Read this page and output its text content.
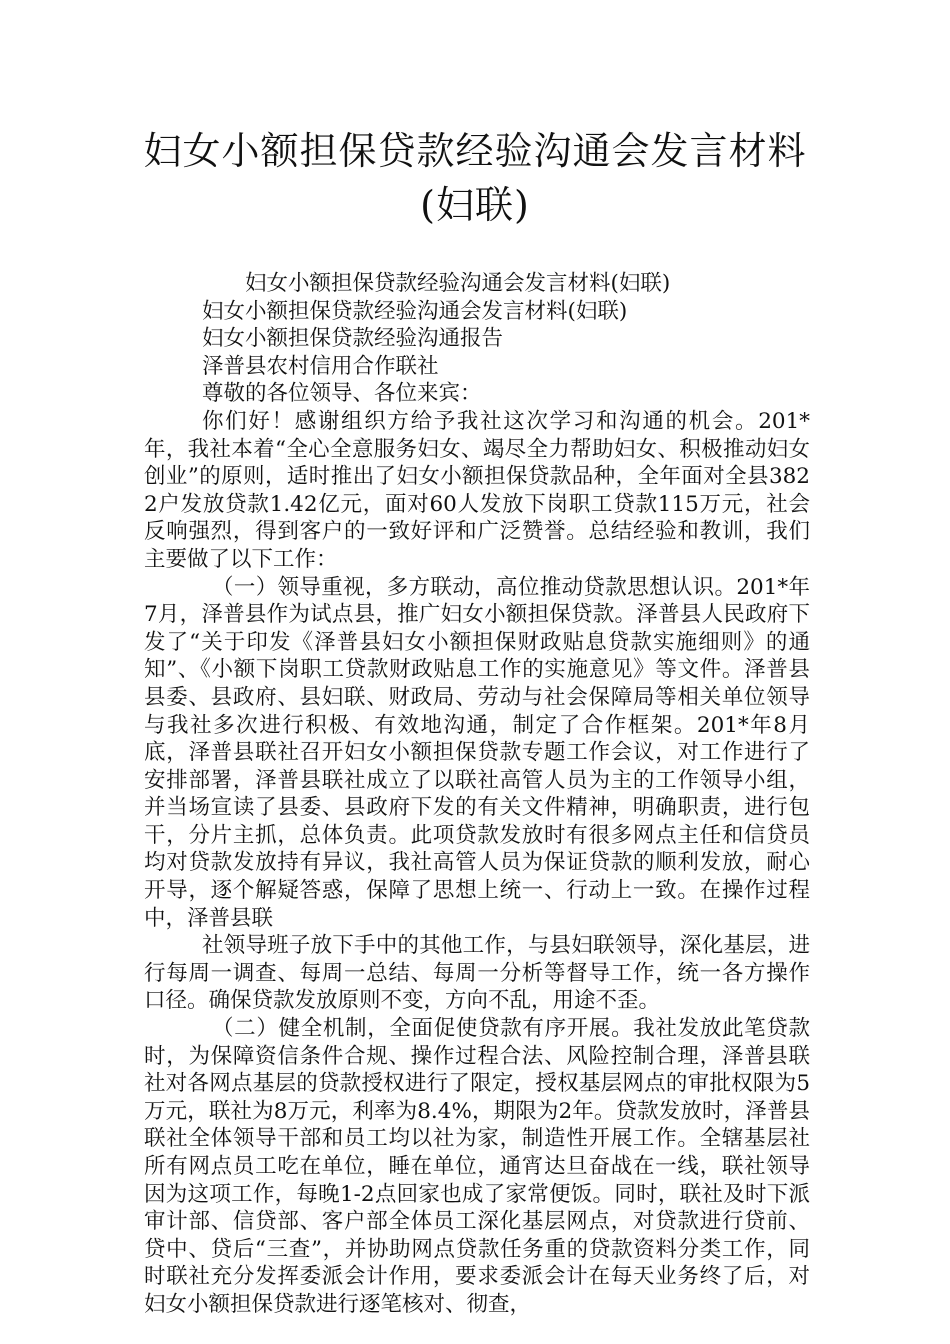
妇女小额担保贷款经验沟通会发言材料(妇联)

妇女小额担保贷款经验沟通会发言材料(妇联)

妇女小额担保贷款经验沟通会发言材料(妇联)

妇女小额担保贷款经验沟通报告

泽普县农村信用合作联社

尊敬的各位领导、各位来宾：

你们好！感谢组织方给予我社这次学习和沟通的机会。201*年，我社本着“全心全意服务妇女、竭尽全力帮助妇女、积极推动妇女创业”的原则，适时推出了妇女小额担保贷款品种，全年面对全县3822户发放贷款1.42亿元，面对60人发放下岗职工贷款115万元，社会反响强烈，得到客户的一致好评和广泛赞誉。总结经验和教训，我们主要做了以下工作：

（一）领导重视，多方联动，高位推动贷款思想认识。201*年7月，泽普县作为试点县，推广妇女小额担保贷款。泽普县人民政府下发了“关于印发《泽普县妇女小额担保财政贴息贷款实施细则》的通知”、《小额下岗职工贷款财政贴息工作的实施意见》等文件。泽普县县委、县政府、县妇联、财政局、劳动与社会保障局等相关单位领导与我社多次进行积极、有效地沟通，制定了合作框架。201*年8月底，泽普县联社召开妇女小额担保贷款专题工作会议，对工作进行了安排部署，泽普县联社成立了以联社高管人员为主的工作领导小组，并当场宣读了县委、县政府下发的有关文件精神，明确职责，进行包干，分片主抓，总体负责。此项贷款发放时有很多网点主任和信贷员均对贷款发放持有异议，我社高管人员为保证贷款的顺利发放，耐心开导，逐个解疑答惑，保障了思想上统一、行动上一致。在操作过程中，泽普县联

社领导班子放下手中的其他工作，与县妇联领导，深化基层，进行每周一调查、每周一总结、每周一分析等督导工作，统一各方操作口径。确保贷款发放原则不变，方向不乱，用途不歪。

（二）健全机制，全面促使贷款有序开展。我社发放此笔贷款时，为保障资信条件合规、操作过程合法、风险控制合理，泽普县联社对各网点基层的贷款授权进行了限定，授权基层网点的审批权限为5万元，联社为8万元，利率为8.4%，期限为2年。贷款发放时，泽普县联社全体领导干部和员工均以社为家，制造性开展工作。全辖基层社所有网点员工吃在单位，睡在单位，通宵达旦奋战在一线，联社领导因为这项工作，每晚1-2点回家也成了家常便饭。同时，联社及时下派审计部、信贷部、客户部全体员工深化基层网点，对贷款进行贷前、贷中、贷后“三查”，并协助网点贷款任务重的贷款资料分类工作，同时联社充分发挥委派会计作用，要求委派会计在每天业务终了后，对妇女小额担保贷款进行逐笔核对、彻查，
